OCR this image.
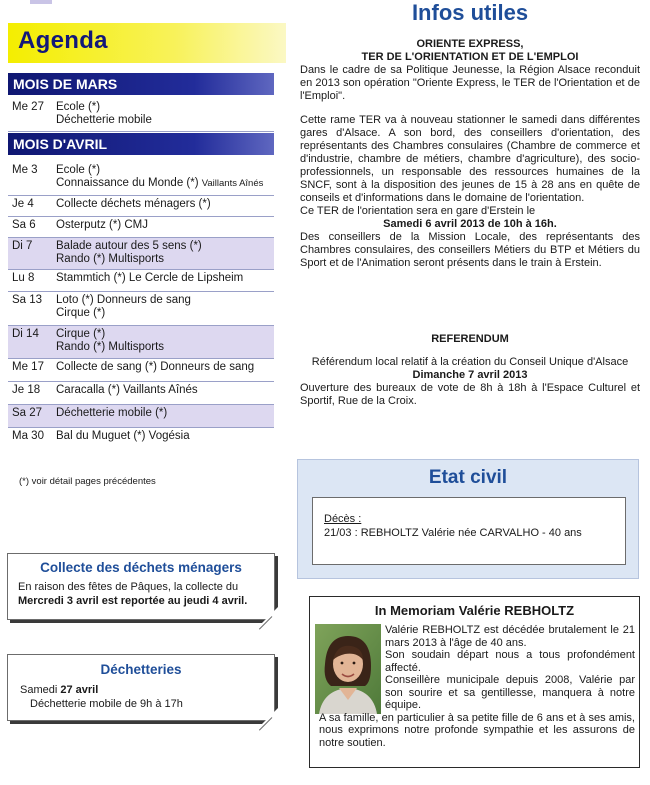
Agenda
MOIS DE MARS
Me 27	Ecole (*)
Déchetterie mobile
MOIS D'AVRIL
Me 3	Ecole (*)
Connaissance du Monde (*) Vaillants Aînés
Je 4	Collecte déchets ménagers (*)
Sa 6	Osterputz (*) CMJ
Di 7	Balade autour des 5 sens (*)
Rando (*) Multisports
Lu 8	Stammtich (*) Le Cercle de Lipsheim
Sa 13	Loto (*) Donneurs de sang
Cirque (*)
Di 14	Cirque (*)
Rando (*) Multisports
Me 17	Collecte de sang (*) Donneurs de sang
Je 18	Caracalla (*) Vaillants Aînés
Sa 27	Déchetterie mobile (*)
Ma 30	Bal du Muguet (*) Vogésia
(*) voir détail pages précédentes
Collecte des déchets ménagers
En raison des fêtes de Pâques, la collecte du
Mercredi 3 avril est reportée au jeudi 4 avril.
Déchetteries
Samedi 27 avril
Déchetterie mobile de 9h à 17h
Infos utiles
ORIENTE EXPRESS,
TER DE L'ORIENTATION ET DE L'EMPLOI
Dans le cadre de sa Politique Jeunesse, la Région Alsace reconduit en 2013 son opération "Oriente Express, le TER de l'Orientation et de l'Emploi".
Cette rame TER va à nouveau stationner le samedi dans différentes gares d'Alsace. A son bord, des conseillers d'orientation, des représentants des Chambres consulaires (Chambre de commerce et d'industrie, chambre de métiers, chambre d'agriculture), des socio-professionnels, un responsable des ressources humaines de la SNCF, sont à la disposition des jeunes de 15 à 28 ans en quête de conseils et d'informations dans le domaine de l'orientation.
Ce TER de l'orientation sera en gare d'Erstein le
Samedi 6 avril 2013 de 10h à 16h.
Des conseillers de la Mission Locale, des représentants des Chambres consulaires, des conseillers Métiers du BTP et Métiers du Sport et de l'Animation seront présents dans le train à Erstein.
REFERENDUM
Référendum local relatif à la création du Conseil Unique d'Alsace
Dimanche 7 avril 2013
Ouverture des bureaux de vote de 8h à 18h à l'Espace Culturel et Sportif, Rue de la Croix.
Etat civil
Décès :
21/03 : REBHOLTZ Valérie née CARVALHO - 40 ans
In Memoriam Valérie REBHOLTZ
Valérie REBHOLTZ est décédée brutalement le 21 mars 2013 à l'âge de 40 ans.
Son soudain départ nous a tous profondément affecté.
Conseillère municipale depuis 2008, Valérie par son sourire et sa gentillesse, manquera à notre équipe.
A sa famille, en particulier à sa petite fille de 6 ans et à ses amis, nous exprimons notre profonde sympathie et les assurons de notre soutien.
